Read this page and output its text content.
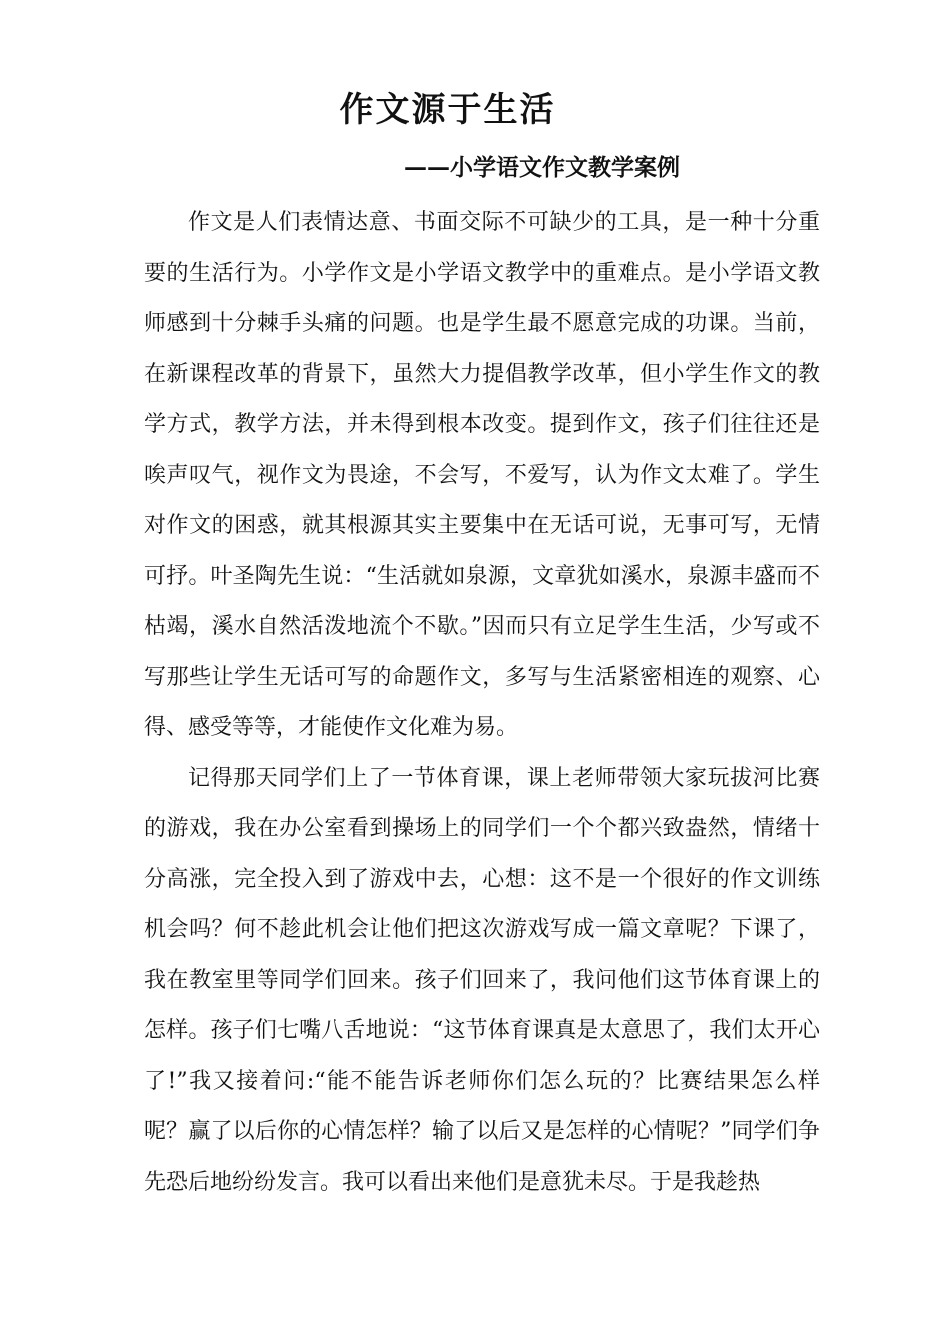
作文源于生活
——小学语文作文教学案例

作文是人们表情达意、书面交际不可缺少的工具，是一种十分重要的生活行为。小学作文是小学语文教学中的重难点。是小学语文教师感到十分棘手头痛的问题。也是学生最不愿意完成的功课。当前，在新课程改革的背景下，虽然大力提倡教学改革，但小学生作文的教学方式，教学方法，并未得到根本改变。提到作文，孩子们往往还是唉声叹气，视作文为畏途，不会写，不爱写，认为作文太难了。学生对作文的困惑，就其根源其实主要集中在无话可说，无事可写，无情可抒。叶圣陶先生说：“生活就如泉源，文章犹如溪水，泉源丰盛而不枯竭，溪水自然活泼地流个不歇。”因而只有立足学生生活，少写或不写那些让学生无话可写的命题作文，多写与生活紧密相连的观察、心得、感受等等，才能使作文化难为易。

记得那天同学们上了一节体育课，课上老师带领大家玩拔河比赛的游戏，我在办公室看到操场上的同学们一个个都兴致盎然，情绪十分高涨，完全投入到了游戏中去，心想：这不是一个很好的作文训练机会吗？何不趁此机会让他们把这次游戏写成一篇文章呢？下课了，我在教室里等同学们回来。孩子们回来了，我问他们这节体育课上的怎样。孩子们七嘴八舌地说：“这节体育课真是太意思了，我们太开心了!”我又接着问:“能不能告诉老师你们怎么玩的？比赛结果怎么样呢？赢了以后你的心情怎样？输了以后又是怎样的心情呢？”同学们争先恐后地纷纷发言。我可以看出来他们是意犹未尽。于是我趁热
